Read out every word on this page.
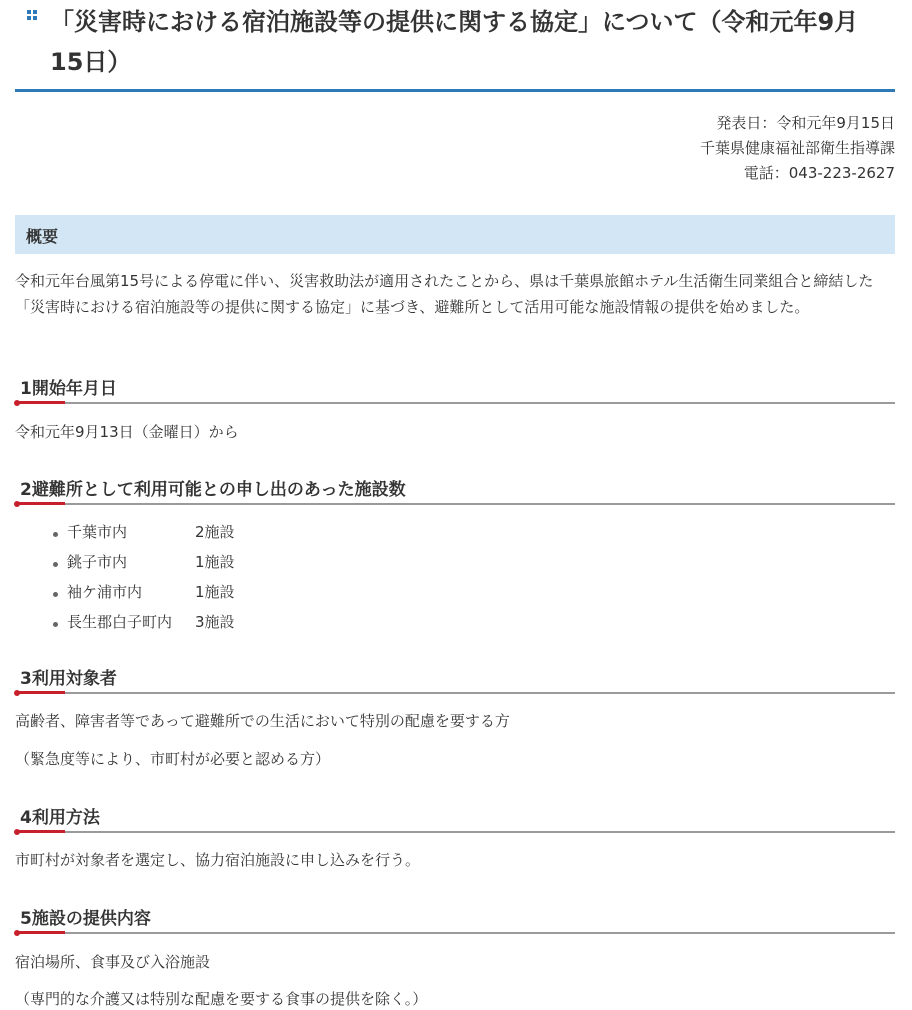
「災害時における宿泊施設等の提供に関する協定」について（令和元年9月15日）
発表日：令和元年9月15日
千葉県健康福祉部衛生指導課
電話：043-223-2627
概要
令和元年台風第15号による停電に伴い、災害救助法が適用されたことから、県は千葉県旅館ホテル生活衛生同業組合と締結した「災害時における宿泊施設等の提供に関する協定」に基づき、避難所として活用可能な施設情報の提供を始めました。
1開始年月日
令和元年9月13日（金曜日）から
2避難所として利用可能との申し出のあった施設数
千葉市内	2施設
銚子市内	1施設
袖ケ浦市内	1施設
長生郡白子町内 3施設
3利用対象者
高齢者、障害者等であって避難所での生活において特別の配慮を要する方
（緊急度等により、市町村が必要と認める方）
4利用方法
市町村が対象者を選定し、協力宿泊施設に申し込みを行う。
5施設の提供内容
宿泊場所、食事及び入浴施設
（専門的な介護又は特別な配慮を要する食事の提供を除く。）
